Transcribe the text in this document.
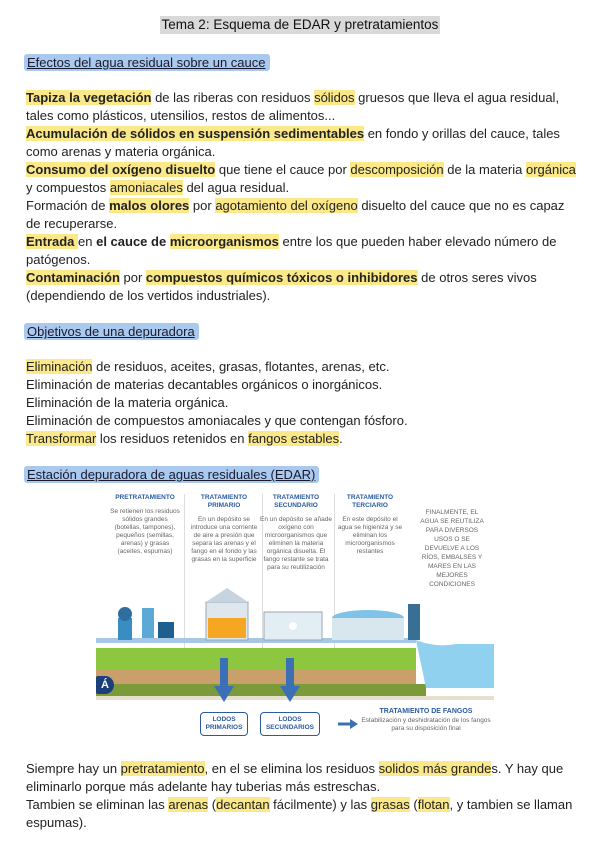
Tema 2: Esquema de EDAR y pretratamientos
Efectos del agua residual sobre un cauce

Tapiza la vegetación de las riberas con residuos sólidos gruesos que lleva el agua residual, tales como plásticos, utensilios, restos de alimentos...

Acumulación de sólidos en suspensión sedimentables en fondo y orillas del cauce, tales como arenas y materia orgánica.

Consumo del oxígeno disuelto que tiene el cauce por descomposición de la materia orgánica y compuestos amoniacales del agua residual.

Formación de malos olores por agotamiento del oxígeno disuelto del cauce que no es capaz de recuperarse.

Entrada en el cauce de microorganismos entre los que pueden haber elevado número de patógenos.

Contaminación por compuestos químicos tóxicos o inhibidores de otros seres vivos (dependiendo de los vertidos industriales).

Objetivos de una depuradora

Eliminación de residuos, aceites, grasas, flotantes, arenas, etc.

Eliminación de materias decantables orgánicos o inorgánicos.

Eliminación de la materia orgánica.

Eliminación de compuestos amoniacales y que contengan fósforo.

Transformar los residuos retenidos en fangos estables.

Estación depuradora de aguas residuales (EDAR)
PRETRATAMIENTO
Se retienen los residuos sólidos grandes (botellas, tampones), pequeños (semillas, arenas) y grasas (aceites, espumas)
TRATAMIENTO PRIMARIO
En un depósito se introduce una corriente de aire a presión que separa las arenas y el fango en el fondo y las grasas en la superficie
TRATAMIENTO SECUNDARIO
En un depósito se añade oxígeno con microorganismos que eliminen la materia orgánica disuelta. El fango restante se trata para su reutilización
TRATAMIENTO TERCIARIO
En este depósito el agua se higieniza y se eliminan los microorganismos restantes
FINALMENTE, EL AGUA SE REUTILIZA PARA DIVERSOS USOS O SE DEVUELVE A LOS RÍOS, EMBALSES Y MARES EN LAS MEJORES CONDICIONES
Á
LODOS PRIMARIOS
LODOS SECUNDARIOS
TRATAMIENTO DE FANGOS
Estabilización y deshidratación de los fangos para su disposición final

Siempre hay un pretratamiento, en el se elimina los residuos solidos más grandes. Y hay que eliminarlo porque más adelante hay tuberias más estreschas.

Tambien se eliminan las arenas (decantan fácilmente) y las grasas (flotan, y tambien se llaman espumas).
